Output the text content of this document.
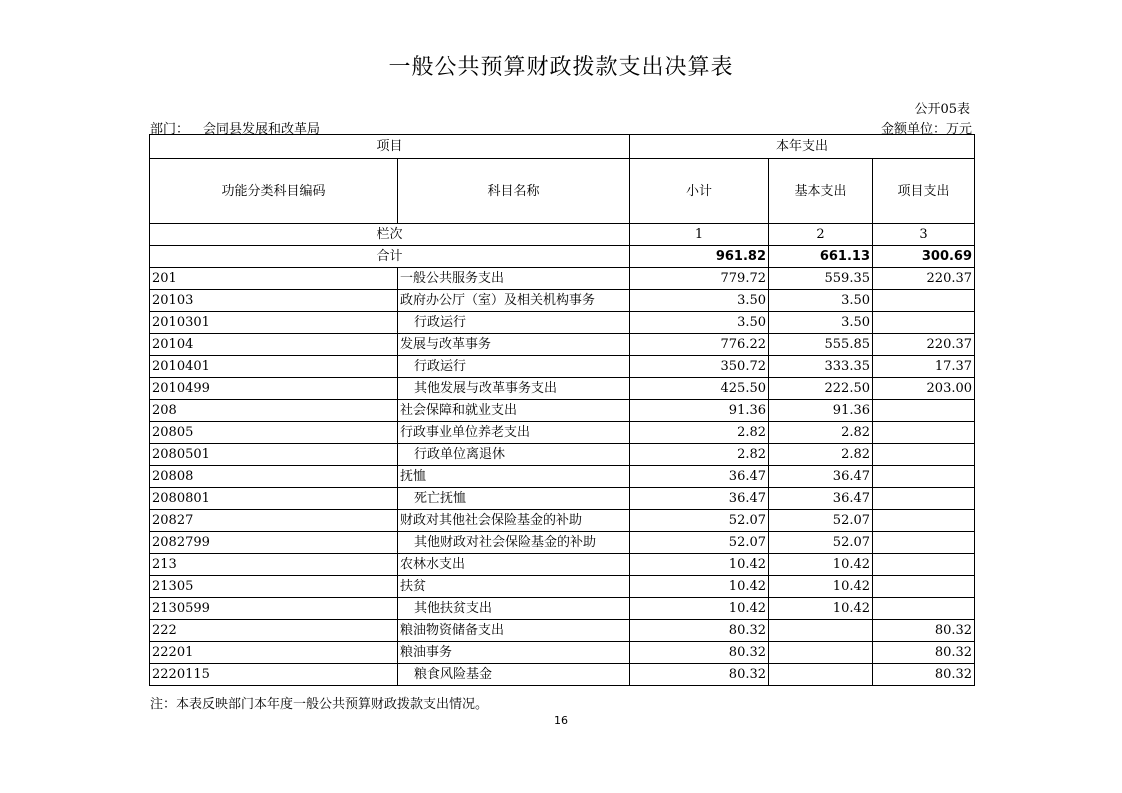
一般公共预算财政拨款支出决算表
公开05表
部门： 会同县发展和改革局	金额单位：万元
项目		本年支出		
功能分类科目编码	科目名称	小计	基本支出	项目支出
栏次		1	2	3
合计		961.82	661.13	300.69
201	一般公共服务支出	779.72	559.35	220.37
20103	政府办公厅（室）及相关机构事务	3.50	3.50	
2010301	行政运行	3.50	3.50	
20104	发展与改革事务	776.22	555.85	220.37
2010401	行政运行	350.72	333.35	17.37
2010499	其他发展与改革事务支出	425.50	222.50	203.00
208	社会保障和就业支出	91.36	91.36	
20805	行政事业单位养老支出	2.82	2.82	
2080501	行政单位离退休	2.82	2.82	
20808	抚恤	36.47	36.47	
2080801	死亡抚恤	36.47	36.47	
20827	财政对其他社会保险基金的补助	52.07	52.07	
2082799	其他财政对社会保险基金的补助	52.07	52.07	
213	农林水支出	10.42	10.42	
21305	扶贫	10.42	10.42	
2130599	其他扶贫支出	10.42	10.42	
222	粮油物资储备支出	80.32		80.32
22201	粮油事务	80.32		80.32
2220115	粮食风险基金	80.32		80.32
注：本表反映部门本年度一般公共预算财政拨款支出情况。
16
